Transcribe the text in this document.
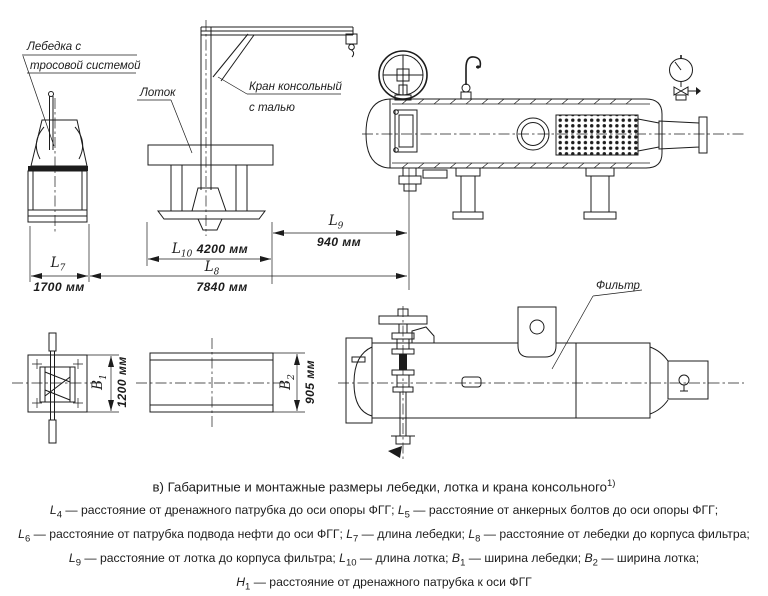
Лебедка с
тросовой системой
Лоток	Кран консольный
с талью
Фильтр
$L_7$
1700 мм
$L_{10}$ 4200 мм
$L_8$
7840 мм
$L_9$
940 мм
$B_1$ 1200 мм	$B_2$ 905 мм
в) Габаритные и монтажные размеры лебедки, лотка и крана консольного$^{1)}$
$L_4$ — расстояние от дренажного патрубка до оси опоры ФГГ; $L_5$ — расстояние от анкерных болтов до оси опоры ФГГ;
$L_6$ — расстояние от патрубка подвода нефти до оси ФГГ; $L_7$ — длина лебедки; $L_8$ — расстояние от лебедки до корпуса фильтра;
$L_9$ — расстояние от лотка до корпуса фильтра; $L_{10}$ — длина лотка; $B_1$ — ширина лебедки; $B_2$ — ширина лотка;
$H_1$ — расстояние от дренажного патрубка к оси ФГГ
